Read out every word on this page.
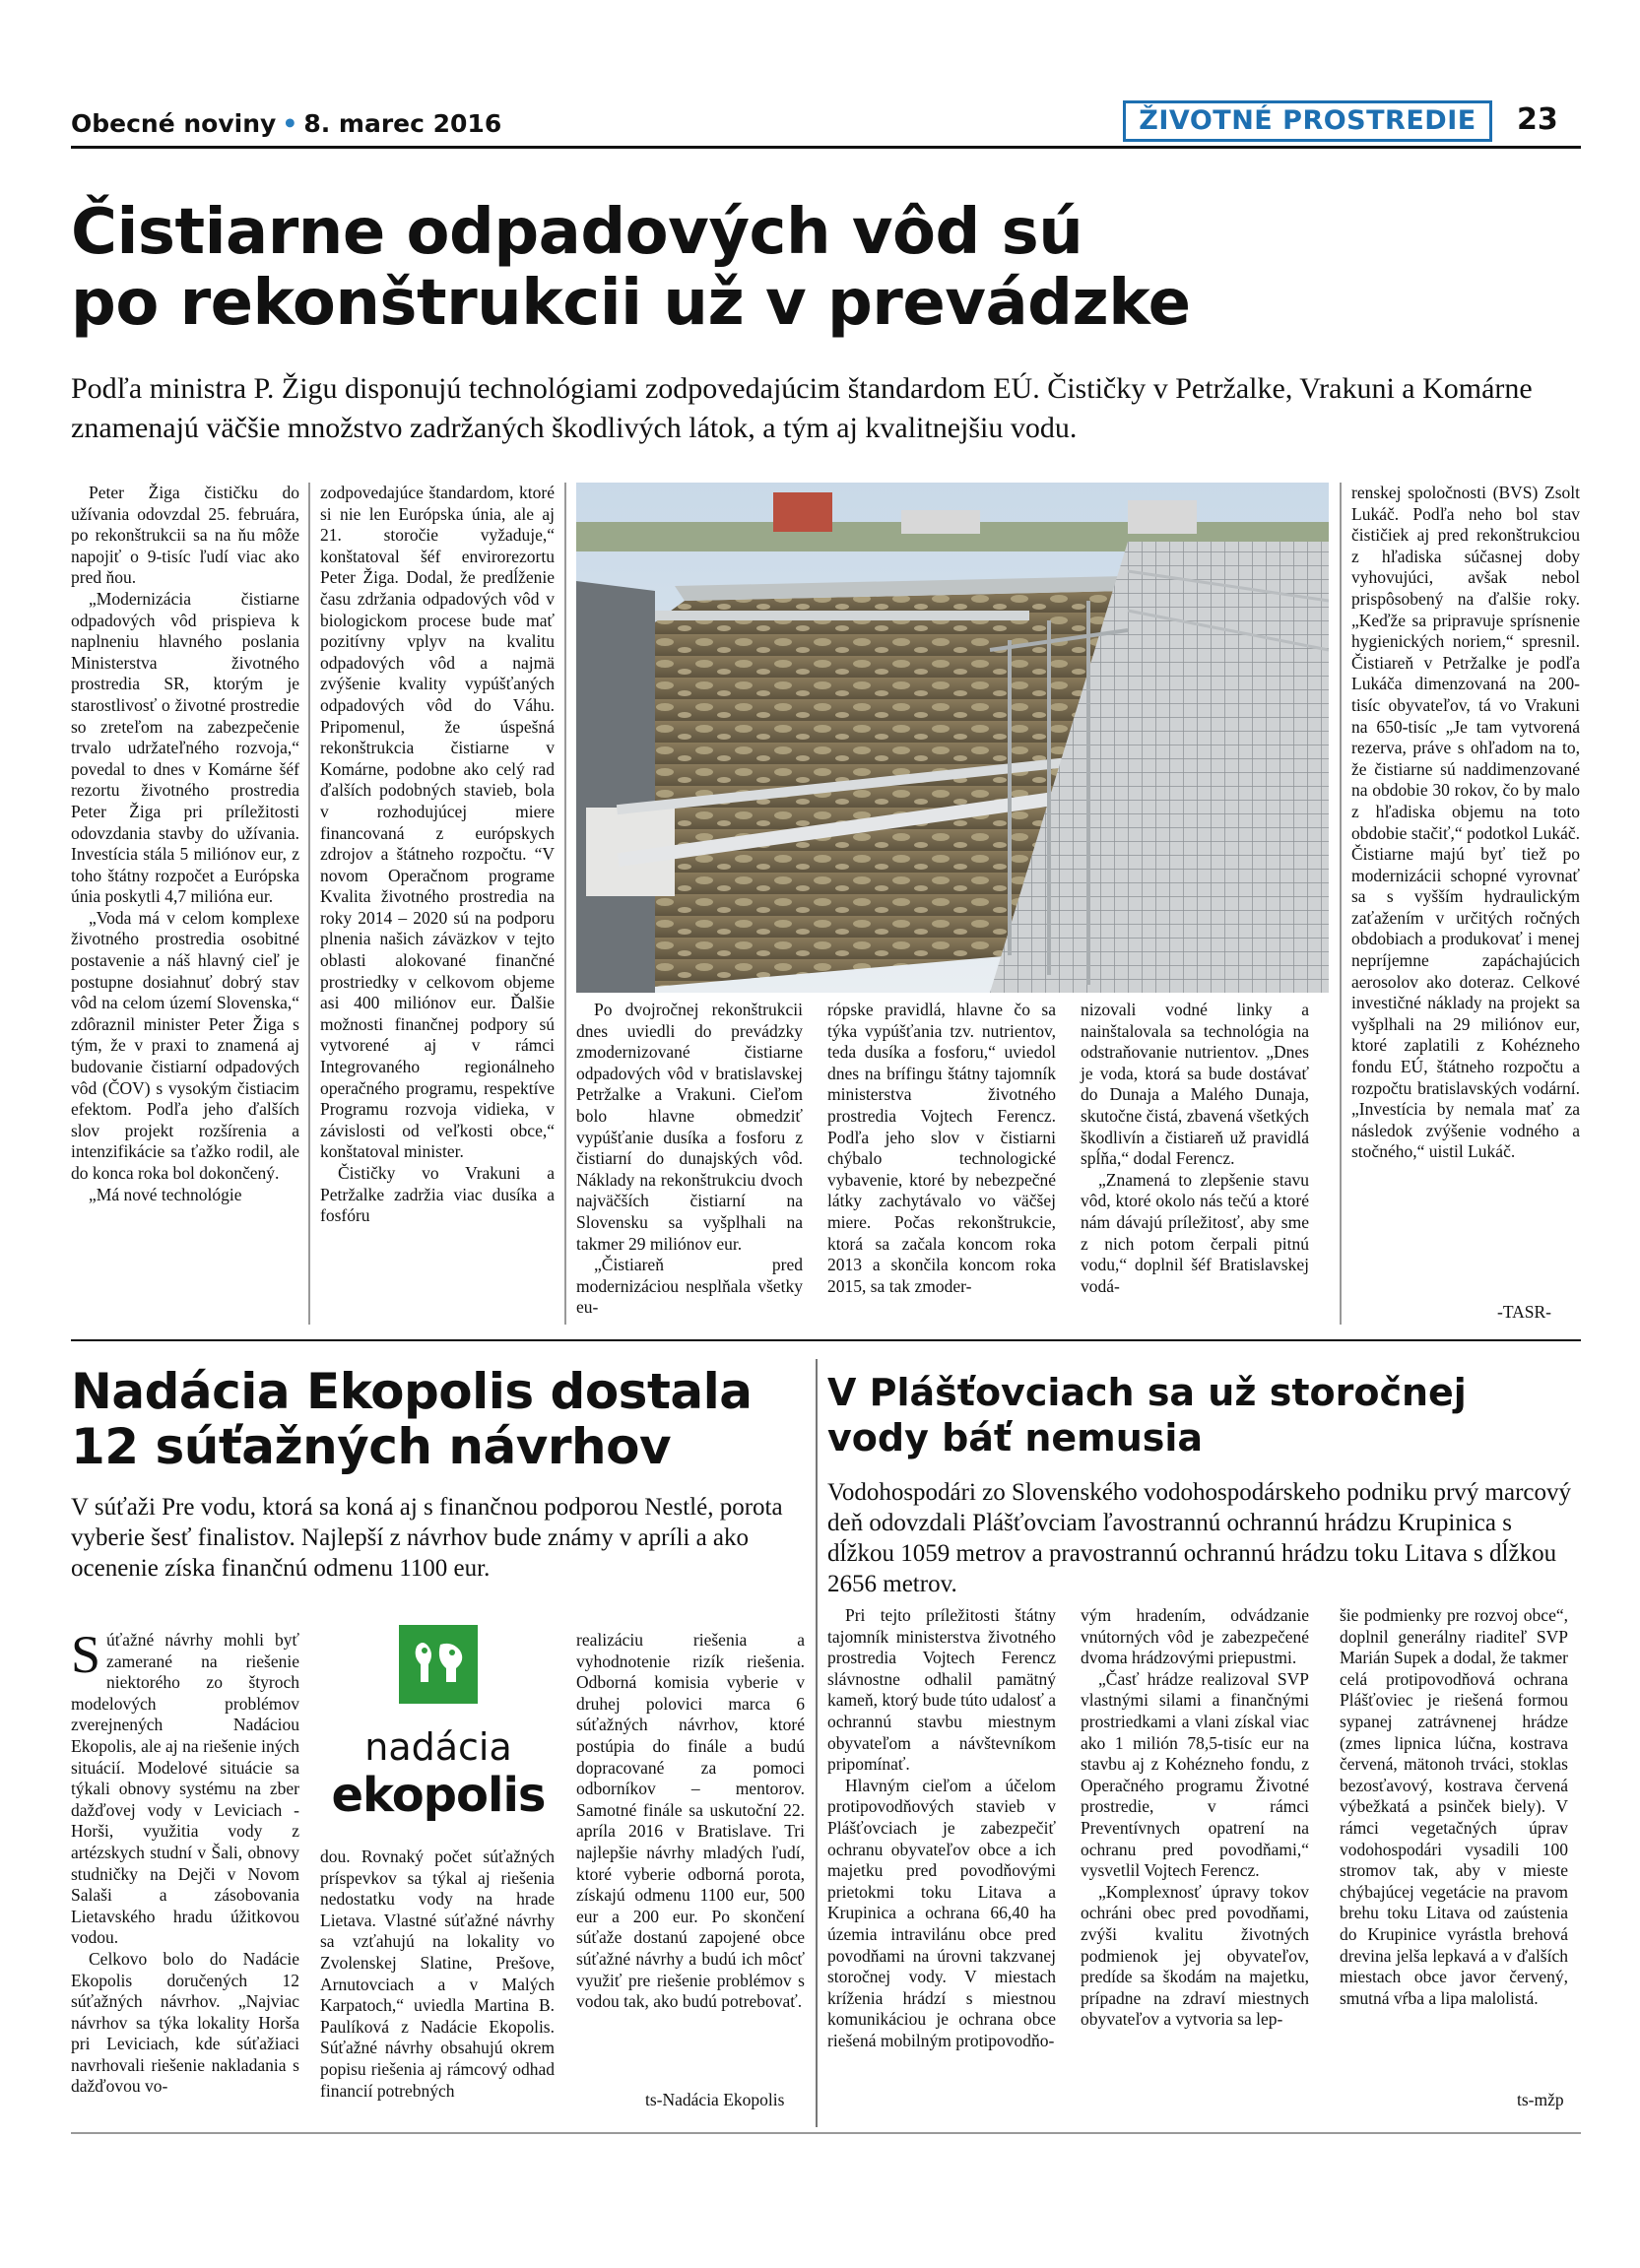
Obecné noviny • 8. marec 2016	ŽIVOTNÉ PROSTREDIE	23
Čistiarne odpadových vôd sú
po rekonštrukcii už v prevádzke
Podľa ministra P. Žigu disponujú technológiami zodpovedajúcim štandardom EÚ. Čističky v Petržalke, Vrakuni a Komárne znamenajú väčšie množstvo zadržaných škodlivých látok, a tým aj kvalitnejšiu vodu.

Peter Žiga čističku do užívania odovzdal 25. februára, po rekonštrukcii sa na ňu môže napojiť o 9-tisíc ľudí viac ako pred ňou.

„Modernizácia čistiarne odpadových vôd prispieva k naplneniu hlavného poslania Ministerstva životného prostredia SR, ktorým je starostlivosť o životné prostredie so zreteľom na zabezpečenie trvalo udržateľného rozvoja,“ povedal to dnes v Komárne šéf rezortu životného prostredia Peter Žiga pri príležitosti odovzdania stavby do užívania. Investícia stála 5 miliónov eur, z toho štátny rozpočet a Európska únia poskytli 4,7 milióna eur.

„Voda má v celom komplexe životného prostredia osobitné postavenie a náš hlavný cieľ je postupne dosiahnuť dobrý stav vôd na celom území Slovenska,“ zdôraznil minister Peter Žiga s tým, že v praxi to znamená aj budovanie čistiarní odpadových vôd (ČOV) s vysokým čistiacim efektom. Podľa jeho ďalších slov projekt rozšírenia a intenzifikácie sa ťažko rodil, ale do konca roka bol dokončený.

„Má nové technológie

zodpovedajúce štandardom, ktoré si nie len Európska únia, ale aj 21. storočie vyžaduje,“ konštatoval šéf envirorezortu Peter Žiga. Dodal, že predĺženie času zdržania odpadových vôd v biologickom procese bude mať pozitívny vplyv na kvalitu odpadových vôd a najmä zvýšenie kvality vypúšťaných odpadových vôd do Váhu. Pripomenul, že úspešná rekonštrukcia čistiarne v Komárne, podobne ako celý rad ďalších podobných stavieb, bola v rozhodujúcej miere financovaná z európskych zdrojov a štátneho rozpočtu. “V novom Operačnom programe Kvalita životného prostredia na roky 2014 – 2020 sú na podporu plnenia našich záväzkov v tejto oblasti alokované finančné prostriedky v celkovom objeme asi 400 miliónov eur. Ďalšie možnosti finančnej podpory sú vytvorené aj v rámci Integrovaného regionálneho operačného programu, respektíve Programu rozvoja vidieka, v závislosti od veľkosti obce,“ konštatoval minister.

Čističky vo Vrakuni a Petržalke zadržia viac dusíka a fosfóru

Po dvojročnej rekonštrukcii dnes uviedli do prevádzky zmodernizované čistiarne odpadových vôd v bratislavskej Petržalke a Vrakuni. Cieľom bolo hlavne obmedziť vypúšťanie dusíka a fosforu z čistiarní do dunajských vôd. Náklady na rekonštrukciu dvoch najväčších čistiarní na Slovensku sa vyšplhali na takmer 29 miliónov eur.

„Čistiareň pred modernizáciou nesplňala všetky eu-

rópske pravidlá, hlavne čo sa týka vypúšťania tzv. nutrientov, teda dusíka a fosforu,“ uviedol dnes na brífingu štátny tajomník ministerstva životného prostredia Vojtech Ferencz. Podľa jeho slov v čistiarni chýbalo technologické vybavenie, ktoré by nebezpečné látky zachytávalo vo väčšej miere. Počas rekonštrukcie, ktorá sa začala koncom roka 2013 a skončila koncom roka 2015, sa tak zmoder-

nizovali vodné linky a nainštalovala sa technológia na odstraňovanie nutrientov. „Dnes je voda, ktorá sa bude dostávať do Dunaja a Malého Dunaja, skutočne čistá, zbavená všetkých škodlivín a čistiareň už pravidlá spĺňa,“ dodal Ferencz.

„Znamená to zlepšenie stavu vôd, ktoré okolo nás tečú a ktoré nám dávajú príležitosť, aby sme z nich potom čerpali pitnú vodu,“ doplnil šéf Bratislavskej vodá-

renskej spoločnosti (BVS) Zsolt Lukáč. Podľa neho bol stav čističiek aj pred rekonštrukciou z hľadiska súčasnej doby vyhovujúci, avšak nebol prispôsobený na ďalšie roky. „Keďže sa pripravuje sprísnenie hygienických noriem,“ spresnil. Čistiareň v Petržalke je podľa Lukáča dimenzovaná na 200-tisíc obyvateľov, tá vo Vrakuni na 650-tisíc „Je tam vytvorená rezerva, práve s ohľadom na to, že čistiarne sú naddimenzované na obdobie 30 rokov, čo by malo z hľadiska objemu na toto obdobie stačiť,“ podotkol Lukáč. Čistiarne majú byť tiež po modernizácii schopné vyrovnať sa s vyšším hydraulickým zaťažením v určitých ročných obdobiach a produkovať i menej nepríjemne zapáchajúcich aerosolov ako doteraz. Celkové investičné náklady na projekt sa vyšplhali na 29 miliónov eur, ktoré zaplatili z Kohézneho fondu EÚ, štátneho rozpočtu a rozpočtu bratislavských vodární. „Investícia by nemala mať za následok zvýšenie vodného a stočného,“ uistil Lukáč.

-TASR-
Nadácia Ekopolis dostala
12 súťažných návrhov
V súťaži Pre vodu, ktorá sa koná aj s finančnou podporou Nestlé, porota vyberie šesť finalistov. Najlepší z návrhov bude známy v apríli a ako ocenenie získa finančnú odmenu 1100 eur.

Súťažné návrhy mohli byť zamerané na riešenie niektorého zo štyroch modelových problémov zverejnených Nadáciou Ekopolis, ale aj na riešenie iných situácií. Modelové situácie sa týkali obnovy systému na zber dažďovej vody v Leviciach - Horši, využitia vody z artézskych studní v Šali, obnovy studničky na Dejči v Novom Salaši a zásobovania Lietavského hradu úžitkovou vodou.

Celkovo bolo do Nadácie Ekopolis doručených 12 súťažných návrhov. „Najviac návrhov sa týka lokality Horša pri Leviciach, kde súťažiaci navrhovali riešenie nakladania s dažďovou vo-

nadácia
ekopolis

dou. Rovnaký počet súťažných príspevkov sa týkal aj riešenia nedostatku vody na hrade Lietava. Vlastné súťažné návrhy sa vzťahujú na lokality vo Zvolenskej Slatine, Prešove, Arnutovciach a v Malých Karpatoch,“ uviedla Martina B. Paulíková z Nadácie Ekopolis. Súťažné návrhy obsahujú okrem popisu riešenia aj rámcový odhad financií potrebných

realizáciu riešenia a vyhodnotenie rizík riešenia. Odborná komisia vyberie v druhej polovici marca 6 súťažných návrhov, ktoré postúpia do finále a budú dopracované za pomoci odborníkov – mentorov. Samotné finále sa uskutoční 22. apríla 2016 v Bratislave. Tri najlepšie návrhy mladých ľudí, ktoré vyberie odborná porota, získajú odmenu 1100 eur, 500 eur a 200 eur. Po skončení súťaže dostanú zapojené obce súťažné návrhy a budú ich môcť využiť pre riešenie problémov s vodou tak, ako budú potrebovať.

ts-Nadácia Ekopolis
V Plášťovciach sa už storočnej
vody báť nemusia
Vodohospodári zo Slovenského vodohospodárskeho podniku prvý marcový deň odovzdali Plášťovciam ľavostrannú ochrannú hrádzu Krupinica s dĺžkou 1059 metrov a pravostrannú ochrannú hrádzu toku Litava s dĺžkou 2656 metrov.

Pri tejto príležitosti štátny tajomník ministerstva životného prostredia Vojtech Ferencz slávnostne odhalil pamätný kameň, ktorý bude túto udalosť a ochrannú stavbu miestnym obyvateľom a návštevníkom pripomínať.

Hlavným cieľom a účelom protipovodňových stavieb v Plášťovciach je zabezpečiť ochranu obyvateľov obce a ich majetku pred povodňovými prietokmi toku Litava a Krupinica a ochrana 66,40 ha územia intravilánu obce pred povodňami na úrovni takzvanej storočnej vody. V miestach kríženia hrádzí s miestnou komunikáciou je ochrana obce riešená mobilným protipovodňo-

vým hradením, odvádzanie vnútorných vôd je zabezpečené dvoma hrádzovými priepustmi.

„Časť hrádze realizoval SVP vlastnými silami a finančnými prostriedkami a vlani získal viac ako 1 milión 78,5-tisíc eur na stavbu aj z Kohézneho fondu, z Operačného programu Životné prostredie, v rámci Preventívnych opatrení na ochranu pred povodňami,“ vysvetlil Vojtech Ferencz.

„Komplexnosť úpravy tokov ochráni obec pred povodňami, zvýši kvalitu životných podmienok jej obyvateľov, predíde sa škodám na majetku, prípadne na zdraví miestnych obyvateľov a vytvoria sa lep-

šie podmienky pre rozvoj obce“, doplnil generálny riaditeľ SVP Marián Supek a dodal, že takmer celá protipovodňová ochrana Plášťoviec je riešená formou sypanej zatrávnenej hrádze (zmes lipnica lúčna, kostrava červená, mätonoh trváci, stoklas bezosťavový, kostrava červená výbežkatá a psinček biely). V rámci vegetačných úprav vodohospodári vysadili 100 stromov tak, aby v mieste chýbajúcej vegetácie na pravom brehu toku Litava od zaústenia do Krupinice vyrástla brehová drevina jelša lepkavá a v ďalších miestach obce javor červený, smutná vŕba a lipa malolistá.

ts-mžp
